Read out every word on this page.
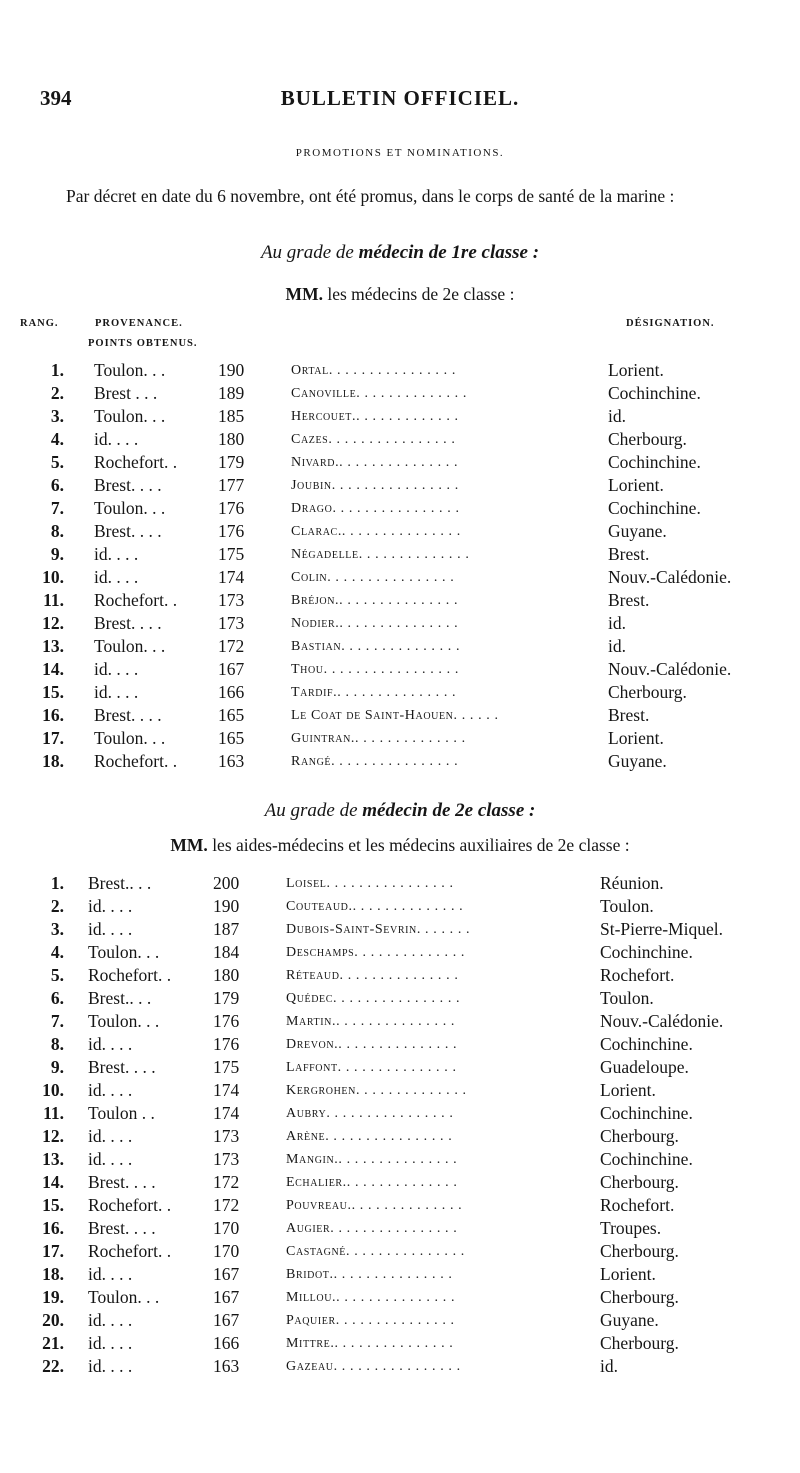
394	BULLETIN OFFICIEL.
PROMOTIONS ET NOMINATIONS.
Par décret en date du 6 novembre, ont été promus, dans le corps de santé de la marine :
Au grade de médecin de 1re classe :
MM. les médecins de 2e classe :
RANG.	PROVENANCE.	DÉSIGNATION.
POINTS OBTENUS.
1. Toulon. . .	190	Ortal. . . . . . . . . . . . . . . .	Lorient.
2. Brest . . .	189	Canoville. . . . . . . . . . . . . .	Cochinchine.
3. Toulon. . .	185	Hercouet.. . . . . . . . . . . . .	id.
4. id. . . .	180	Cazes. . . . . . . . . . . . . . . .	Cherbourg.
5. Rochefort. . 179	Nivard.. . . . . . . . . . . . . . .	Cochinchine.
6. Brest. . . .	177	Joubin. . . . . . . . . . . . . . . .	Lorient.
7. Toulon. . .	176	Drago. . . . . . . . . . . . . . . .	Cochinchine.
8. Brest. . . .	176	Clarac.. . . . . . . . . . . . . . .	Guyane.
9. id. . . .	175	Négadelle. . . . . . . . . . . . . .	Brest.
10. id. . . .	174	Colin. . . . . . . . . . . . . . . .	Nouv.-Calédonie.
11. Rochefort. . 173	Bréjon.. . . . . . . . . . . . . . .	Brest.
12. Brest. . . .	173	Nodier.. . . . . . . . . . . . . . .	id.
13. Toulon. . .	172	Bastian. . . . . . . . . . . . . . .	id.
14. id. . . .	167	Thou. . . . . . . . . . . . . . . . .	Nouv.-Calédonie.
15. id. . . .	166	Tardif.. . . . . . . . . . . . . . .	Cherbourg.
16. Brest. . . .	165	Le Coat de Saint-Haouen. . . . . .	Brest.
17. Toulon. . .	165	Guintran.. . . . . . . . . . . . . .	Lorient.
18. Rochefort. . 163	Rangé. . . . . . . . . . . . . . . .	Guyane.
Au grade de médecin de 2e classe :
MM. les aides-médecins et les médecins auxiliaires de 2e classe :
1. Brest.. . .	200	Loisel. . . . . . . . . . . . . . . .	Réunion.
2. id. . . .	190	Couteaud.. . . . . . . . . . . . . .	Toulon.
3. id. . . .	187	Dubois-Saint-Sevrin. . . . . . .	St-Pierre-Miquel.
4. Toulon. . .	184	Deschamps. . . . . . . . . . . . . .	Cochinchine.
5. Rochefort. . 180	Réteaud. . . . . . . . . . . . . . .	Rochefort.
6. Brest.. . .	179	Quédec. . . . . . . . . . . . . . . .	Toulon.
7. Toulon. . .	176	Martin.. . . . . . . . . . . . . . .	Nouv.-Calédonie.
8. id. . . .	176	Drevon.. . . . . . . . . . . . . . .	Cochinchine.
9. Brest. . . .	175	Laffont. . . . . . . . . . . . . . .	Guadeloupe.
10. id. . . .	174	Kergrohen. . . . . . . . . . . . . .	Lorient.
11. Toulon . .	174	Aubry. . . . . . . . . . . . . . . .	Cochinchine.
12. id. . . .	173	Arène. . . . . . . . . . . . . . . .	Cherbourg.
13. id. . . .	173	Mangin.. . . . . . . . . . . . . . .	Cochinchine.
14. Brest. . . .	172	Echalier.. . . . . . . . . . . . . .	Cherbourg.
15. Rochefort. . 172	Pouvreau.. . . . . . . . . . . . . .	Rochefort.
16. Brest. . . .	170	Augier. . . . . . . . . . . . . . . .	Troupes.
17. Rochefort. . 170	Castagné. . . . . . . . . . . . . . .	Cherbourg.
18. id. . . .	167	Bridot.. . . . . . . . . . . . . . .	Lorient.
19. Toulon. . .	167	Millou.. . . . . . . . . . . . . . .	Cherbourg.
20. id. . . .	167	Paquier. . . . . . . . . . . . . . .	Guyane.
21. id. . . .	166	Mittre.. . . . . . . . . . . . . . .	Cherbourg.
22. id. . . .	163	Gazeau. . . . . . . . . . . . . . . .	id.
